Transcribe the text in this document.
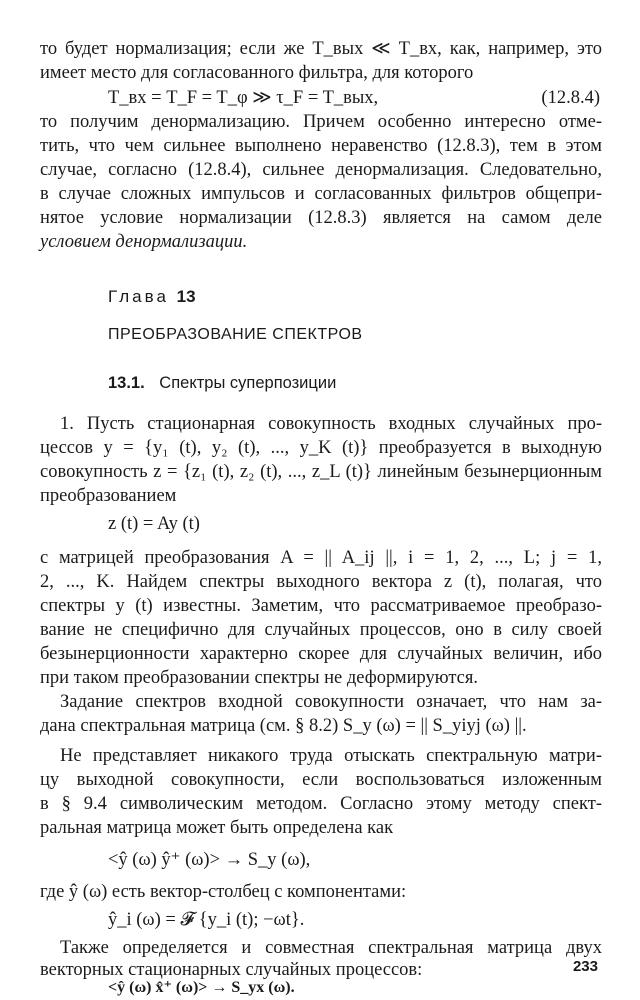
то будет нормализация; если же T_вых ≪ T_вх, как, например, это
имеет место для согласованного фильтра, для которого
T_вх = T_F = T_φ ≫ τ_F = T_вых,	(12.8.4)
то получим денормализацию. Причем особенно интересно отме-
тить, что чем сильнее выполнено неравенство (12.8.3), тем в этом
случае, согласно (12.8.4), сильнее денормализация. Следовательно,
в случае сложных импульсов и согласованных фильтров общепри-
нятое условие нормализации (12.8.3) является на самом деле
условием денормализации.
Глава 13
ПРЕОБРАЗОВАНИЕ СПЕКТРОВ
13.1. Спектры суперпозиции
1. Пусть стационарная совокупность входных случайных про-
цессов y = {y₁ (t), y₂ (t), ..., y_K (t)} преобразуется в выходную
совокупность z = {z₁ (t), z₂ (t), ..., z_L (t)} линейным безынерционным
преобразованием
z (t) = Ay (t)
с матрицей преобразования A = || A_ij ||, i = 1, 2, ..., L; j = 1,
2, ..., K. Найдем спектры выходного вектора z (t), полагая, что
спектры y (t) известны. Заметим, что рассматриваемое преобразо-
вание не специфично для случайных процессов, оно в силу своей
безынерционности характерно скорее для случайных величин, ибо
при таком преобразовании спектры не деформируются.
Задание спектров входной совокупности означает, что нам за-
дана спектральная матрица (см. § 8.2) S_y (ω) = || S_yiyj (ω) ||.
Не представляет никакого труда отыскать спектральную матри-
цу выходной совокупности, если воспользоваться изложенным
в § 9.4 символическим методом. Согласно этому методу спект-
ральная матрица может быть определена как
<ŷ (ω) ŷ⁺ (ω)> → S_y (ω),
где ŷ (ω) есть вектор-столбец с компонентами:
ŷ_i (ω) = 𝓕 {y_i (t); −ωt}.
Также определяется и совместная спектральная матрица двух
векторных стационарных случайных процессов:
<ŷ (ω) x̂⁺ (ω)> → S_yx (ω).
233
